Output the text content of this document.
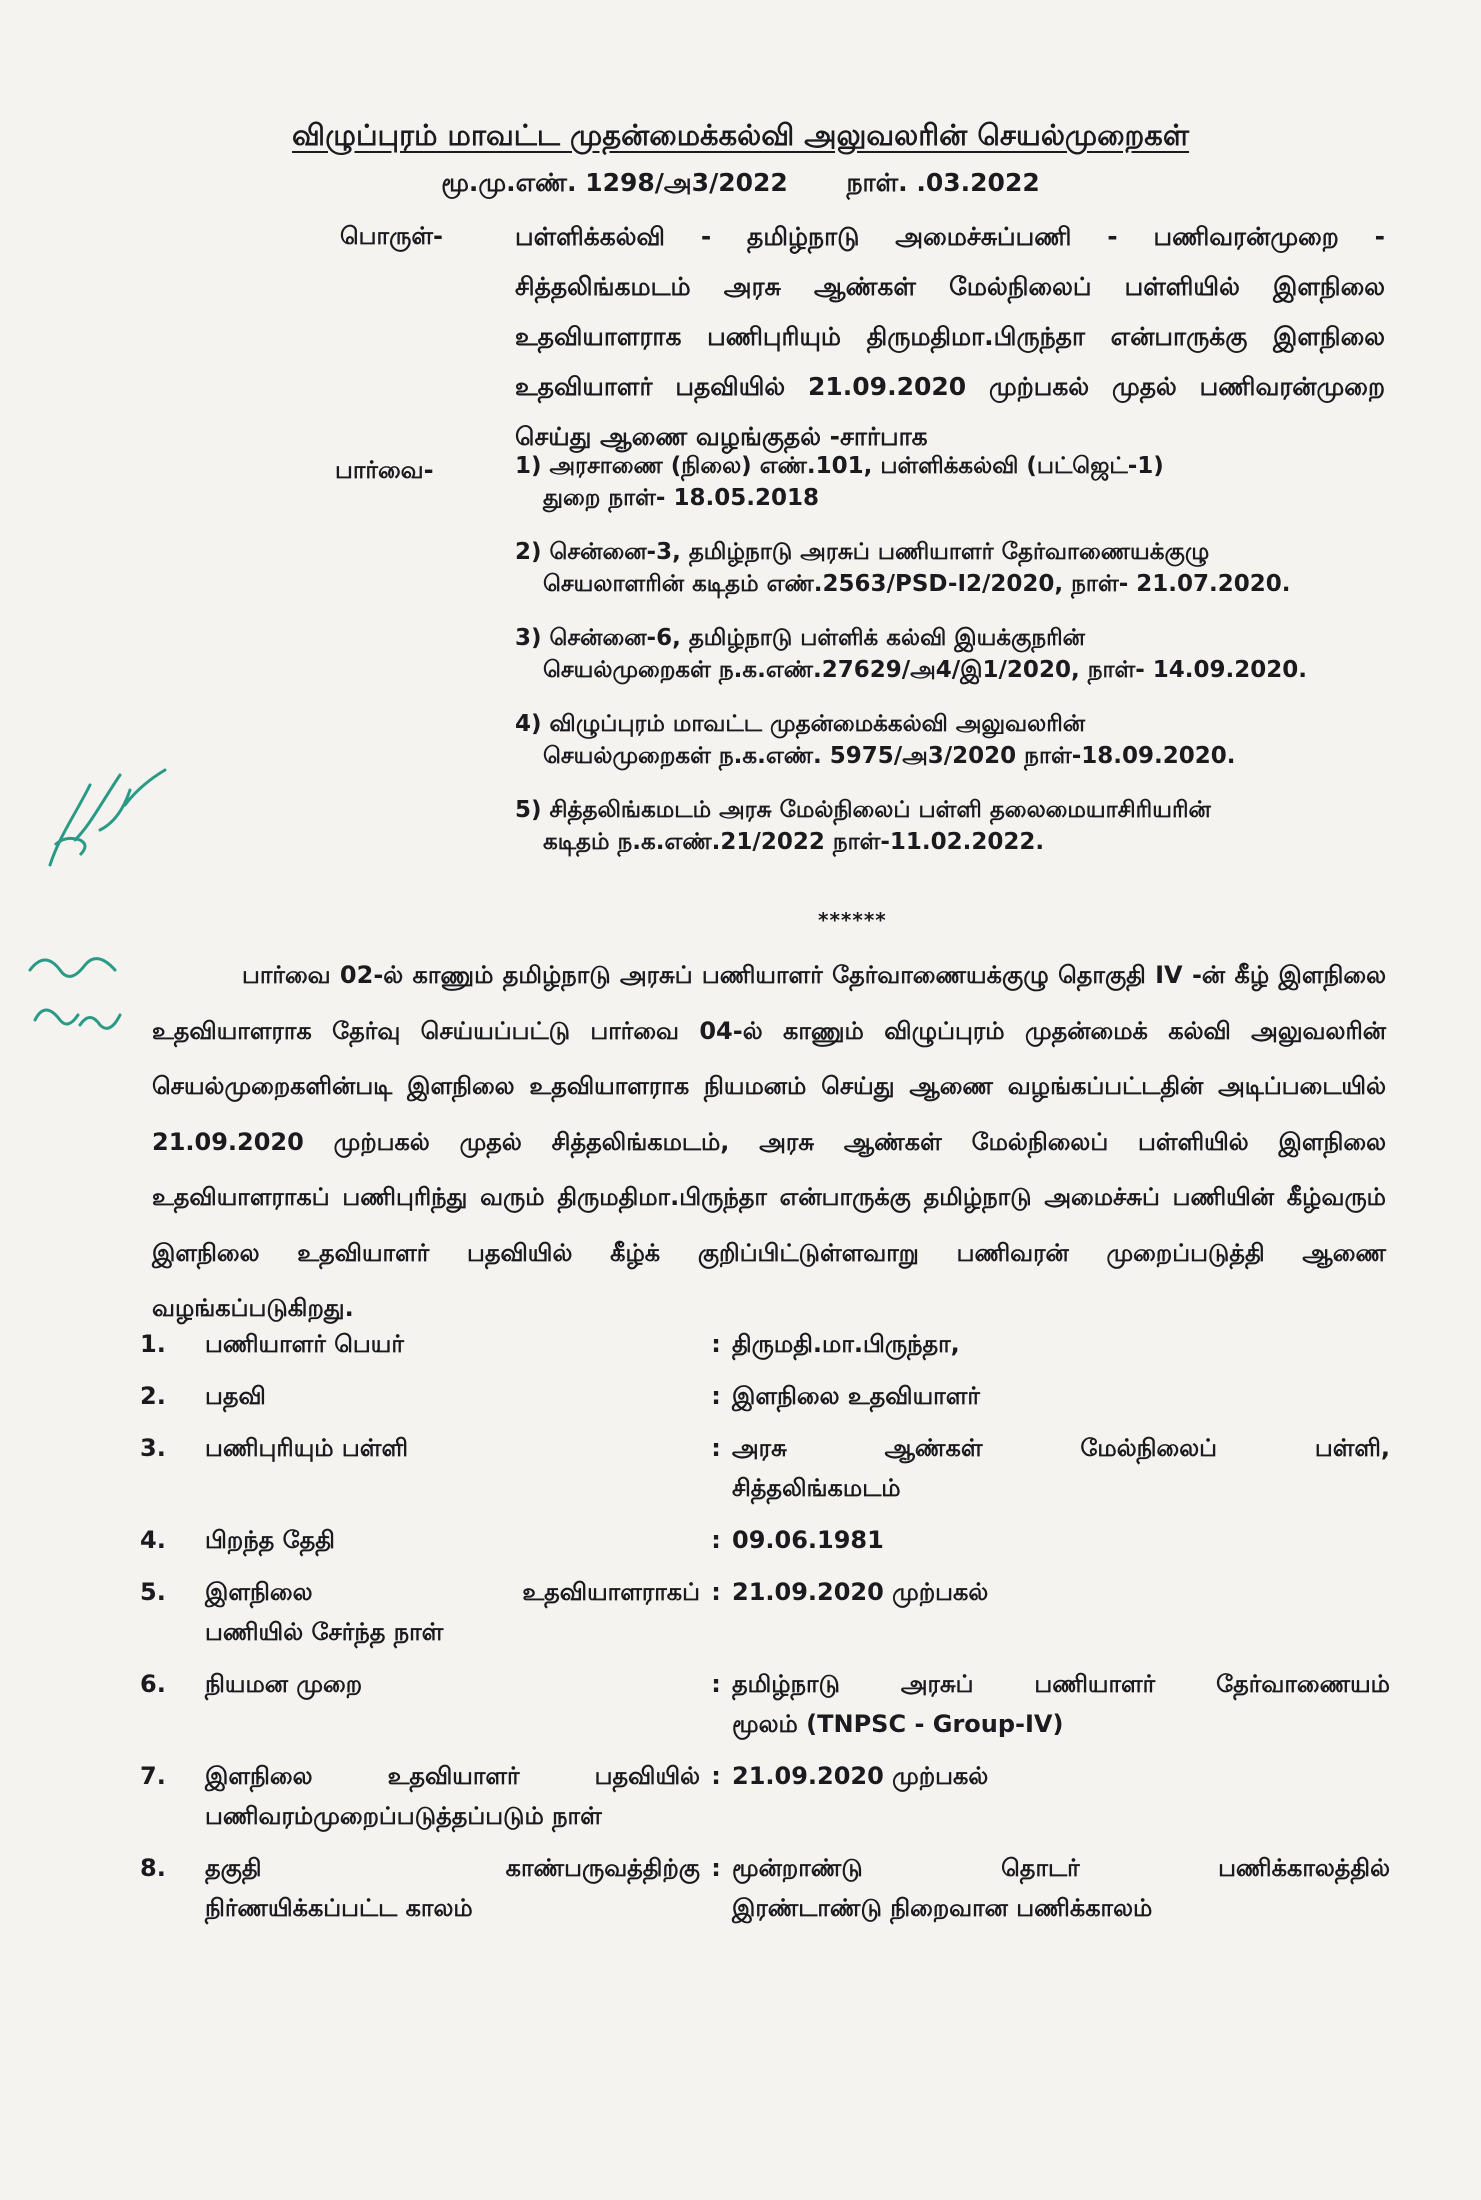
விழுப்புரம் மாவட்ட முதன்மைக்கல்வி அலுவலரின் செயல்முறைகள்
மூ.மு.எண். 1298/அ3/2022 நாள். .03.2022
பொருள்-	பள்ளிக்கல்வி - தமிழ்நாடு அமைச்சுப்பணி - பணிவரன்முறை - சித்தலிங்கமடம் அரசு ஆண்கள் மேல்நிலைப் பள்ளியில் இளநிலை உதவியாளராக பணிபுரியும் திருமதிமா.பிருந்தா என்பாருக்கு இளநிலை உதவியாளர் பதவியில் 21.09.2020 முற்பகல் முதல் பணிவரன்முறை செய்து ஆணை வழங்குதல் -சார்பாக
பார்வை-	1) அரசாணை (நிலை) எண்.101, பள்ளிக்கல்வி (பட்ஜெட்-1)
துறை நாள்- 18.05.2018
2) சென்னை-3, தமிழ்நாடு அரசுப் பணியாளர் தேர்வாணையக்குழு
செயலாளரின் கடிதம் எண்.2563/PSD-I2/2020, நாள்- 21.07.2020.
3) சென்னை-6, தமிழ்நாடு பள்ளிக் கல்வி இயக்குநரின்
செயல்முறைகள் ந.க.எண்.27629/அ4/இ1/2020, நாள்- 14.09.2020.
4) விழுப்புரம் மாவட்ட முதன்மைக்கல்வி அலுவலரின்
செயல்முறைகள் ந.க.எண். 5975/அ3/2020 நாள்-18.09.2020.
5) சித்தலிங்கமடம் அரசு மேல்நிலைப் பள்ளி தலைமையாசிரியரின்
கடிதம் ந.க.எண்.21/2022 நாள்-11.02.2022.
******
பார்வை 02-ல் காணும் தமிழ்நாடு அரசுப் பணியாளர் தேர்வாணையக்குழு தொகுதி IV -ன் கீழ் இளநிலை உதவியாளராக தேர்வு செய்யப்பட்டு பார்வை 04-ல் காணும் விழுப்புரம் முதன்மைக் கல்வி அலுவலரின் செயல்முறைகளின்படி இளநிலை உதவியாளராக நியமனம் செய்து ஆணை வழங்கப்பட்டதின் அடிப்படையில் 21.09.2020 முற்பகல் முதல் சித்தலிங்கமடம், அரசு ஆண்கள் மேல்நிலைப் பள்ளியில் இளநிலை உதவியாளராகப் பணிபுரிந்து வரும் திருமதிமா.பிருந்தா என்பாருக்கு தமிழ்நாடு அமைச்சுப் பணியின் கீழ்வரும் இளநிலை உதவியாளர் பதவியில் கீழ்க் குறிப்பிட்டுள்ளவாறு பணிவரன் முறைப்படுத்தி ஆணை வழங்கப்படுகிறது.
1.	பணியாளர் பெயர்	:	திருமதி.மா.பிருந்தா,
2.	பதவி	:	இளநிலை உதவியாளர்
3.	பணிபுரியும் பள்ளி	:	அரசு ஆண்கள் மேல்நிலைப் பள்ளி,
சித்தலிங்கமடம்
4.	பிறந்த தேதி	:	09.06.1981
5.	இளநிலை உதவியாளராகப்
பணியில் சேர்ந்த நாள்	:	21.09.2020 முற்பகல்
6.	நியமன முறை	:	தமிழ்நாடு அரசுப் பணியாளர் தேர்வாணையம்
மூலம் (TNPSC - Group-IV)
7.	இளநிலை உதவியாளர் பதவியில்
பணிவரம்முறைப்படுத்தப்படும் நாள்	:	21.09.2020 முற்பகல்
8.	தகுதி காண்பருவத்திற்கு
நிர்ணயிக்கப்பட்ட காலம்	:	மூன்றாண்டு தொடர் பணிக்காலத்தில்
இரண்டாண்டு நிறைவான பணிக்காலம்
